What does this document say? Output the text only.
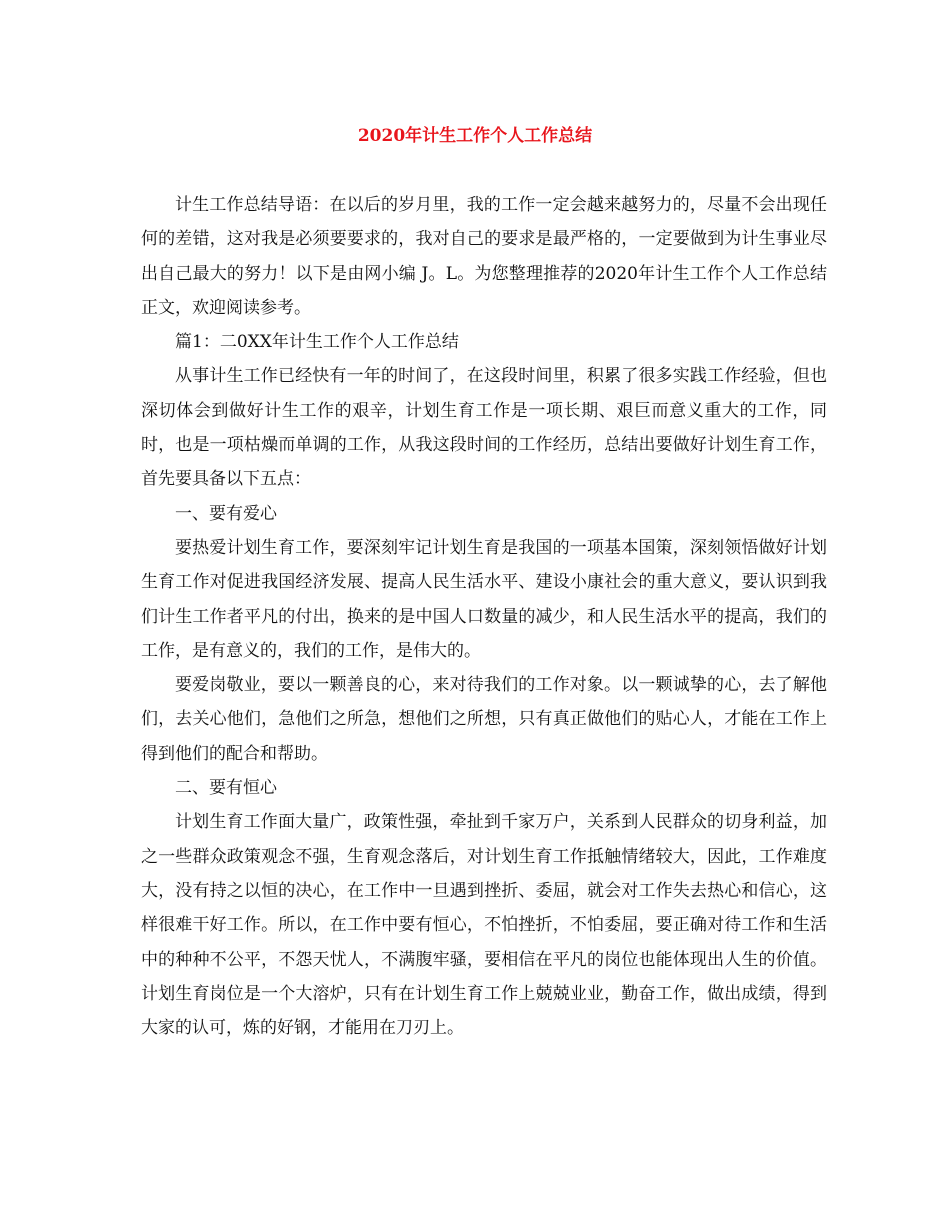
2020年计生工作个人工作总结

计生工作总结导语：在以后的岁月里，我的工作一定会越来越努力的，尽量不会出现任何的差错，这对我是必须要要求的，我对自己的要求是最严格的，一定要做到为计生事业尽出自己最大的努力！以下是由网小编 J。L。为您整理推荐的2020年计生工作个人工作总结正文，欢迎阅读参考。

篇1：二0XX年计生工作个人工作总结

从事计生工作已经快有一年的时间了，在这段时间里，积累了很多实践工作经验，但也深切体会到做好计生工作的艰辛，计划生育工作是一项长期、艰巨而意义重大的工作，同时，也是一项枯燥而单调的工作，从我这段时间的工作经历，总结出要做好计划生育工作，首先要具备以下五点：

一、要有爱心

要热爱计划生育工作，要深刻牢记计划生育是我国的一项基本国策，深刻领悟做好计划生育工作对促进我国经济发展、提高人民生活水平、建设小康社会的重大意义，要认识到我们计生工作者平凡的付出，换来的是中国人口数量的减少，和人民生活水平的提高，我们的工作，是有意义的，我们的工作，是伟大的。

要爱岗敬业，要以一颗善良的心，来对待我们的工作对象。以一颗诚挚的心，去了解他们，去关心他们，急他们之所急，想他们之所想，只有真正做他们的贴心人，才能在工作上得到他们的配合和帮助。

二、要有恒心

计划生育工作面大量广，政策性强，牵扯到千家万户，关系到人民群众的切身利益，加之一些群众政策观念不强，生育观念落后，对计划生育工作抵触情绪较大，因此，工作难度大，没有持之以恒的决心，在工作中一旦遇到挫折、委屈，就会对工作失去热心和信心，这样很难干好工作。所以，在工作中要有恒心，不怕挫折，不怕委屈，要正确对待工作和生活中的种种不公平，不怨天忧人，不满腹牢骚，要相信在平凡的岗位也能体现出人生的价值。计划生育岗位是一个大溶炉，只有在计划生育工作上兢兢业业，勤奋工作，做出成绩，得到大家的认可，炼的好钢，才能用在刀刃上。
